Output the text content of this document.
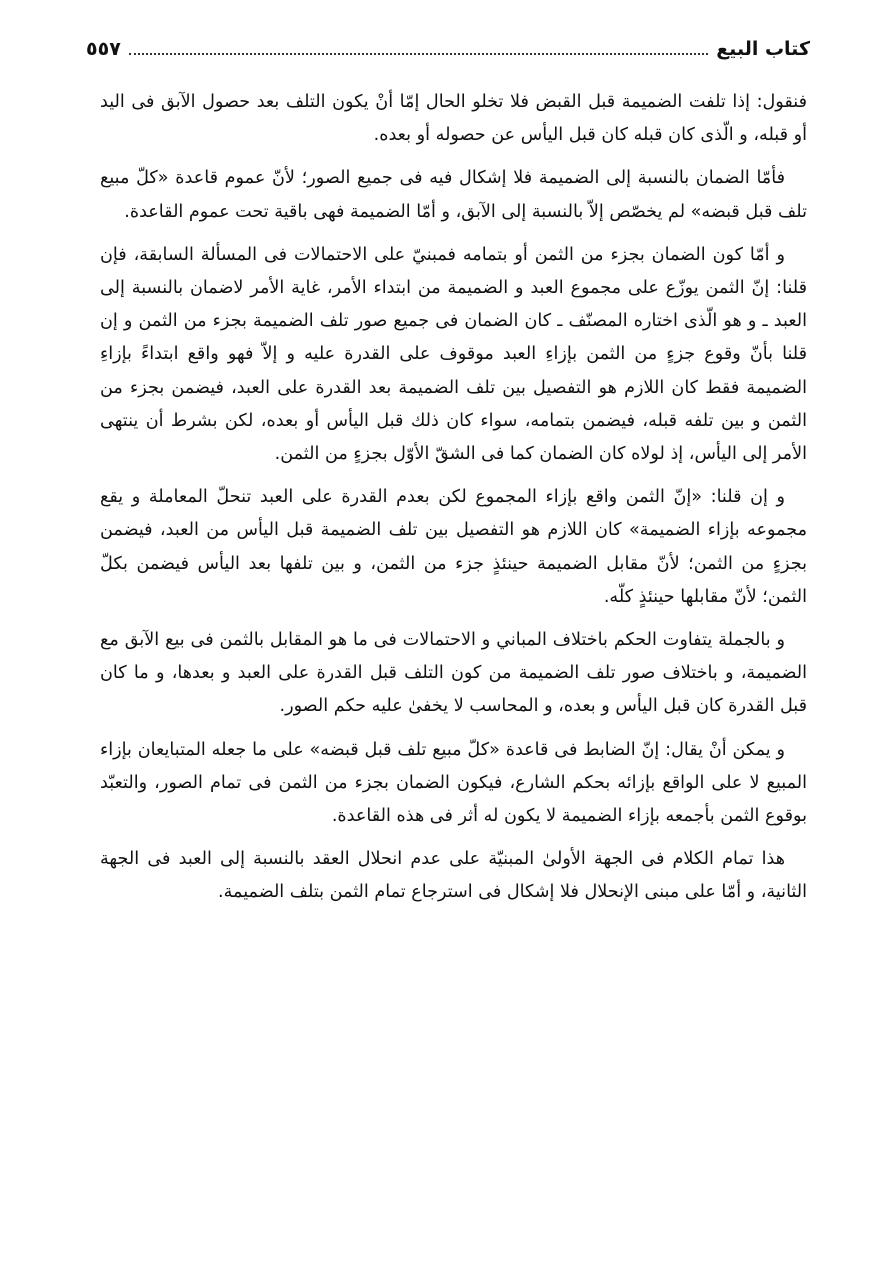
كتاب البيع
٥٥٧

فنقول: إذا تلفت الضميمة قبل القبض فلا تخلو الحال إمّا أنْ يكون التلف بعد حصول الآبق فى اليد أو قبله، و الّذى كان قبله كان قبل اليأس عن حصوله أو بعده.

فأمّا الضمان بالنسبة إلى الضميمة فلا إشكال فيه فى جميع الصور؛ لأنّ عموم قاعدة «كلّ مبيع تلف قبل قبضه» لم يخصّص إلاّ بالنسبة إلى الآبق، و أمّا الضميمة فهى باقية تحت عموم القاعدة.

و أمّا كون الضمان بجزء من الثمن أو بتمامه فمبنيّ على الاحتمالات فى المسألة السابقة، فإن قلنا: إنّ الثمن يوزّع على مجموع العبد و الضميمة من ابتداء الأمر، غاية الأمر لاضمان بالنسبة إلى العبد ـ و هو الّذى اختاره المصنّف ـ كان الضمان فى جميع صور تلف الضميمة بجزء من الثمن و إن قلنا بأنّ وقوع جزءٍ من الثمن بإزاءِ العبد موقوف على القدرة عليه و إلاّ فهو واقع ابتداءً بإزاءِ الضميمة فقط كان اللازم هو التفصيل بين تلف الضميمة بعد القدرة على العبد، فيضمن بجزء من الثمن و بين تلفه قبله، فيضمن بتمامه، سواء كان ذلك قبل اليأس أو بعده، لكن بشرط أن ينتهى الأمر إلى اليأس، إذ لولاه كان الضمان كما فى الشقّ الأوّل بجزءٍ من الثمن.

و إن قلنا: «إنّ الثمن واقع بإزاء المجموع لكن بعدم القدرة على العبد تنحلّ المعاملة و يقع مجموعه بإزاء الضميمة» كان اللازم هو التفصيل بين تلف الضميمة قبل اليأس من العبد، فيضمن بجزءٍ من الثمن؛ لأنّ مقابل الضميمة حينئذٍ جزء من الثمن، و بين تلفها بعد اليأس فيضمن بكلّ الثمن؛ لأنّ مقابلها حينئذٍ كلّه.

و بالجملة يتفاوت الحكم باختلاف المباني و الاحتمالات فى ما هو المقابل بالثمن فى بيع الآبق مع الضميمة، و باختلاف صور تلف الضميمة من كون التلف قبل القدرة على العبد و بعدها، و ما كان قبل القدرة كان قبل اليأس و بعده، و المحاسب لا يخفىٰ عليه حكم الصور.

و يمكن أنْ يقال: إنّ الضابط فى قاعدة «كلّ مبيع تلف قبل قبضه» على ما جعله المتبايعان بإزاء المبيع لا على الواقع بإزائه بحكم الشارع، فيكون الضمان بجزء من الثمن فى تمام الصور، والتعبّد بوقوع الثمن بأجمعه بإزاء الضميمة لا يكون له أثر فى هذه القاعدة.

هذا تمام الكلام فى الجهة الأولىٰ المبنيّة على عدم انحلال العقد بالنسبة إلى العبد فى الجهة الثانية، و أمّا على مبنى الإنحلال فلا إشكال فى استرجاع تمام الثمن بتلف الضميمة.
